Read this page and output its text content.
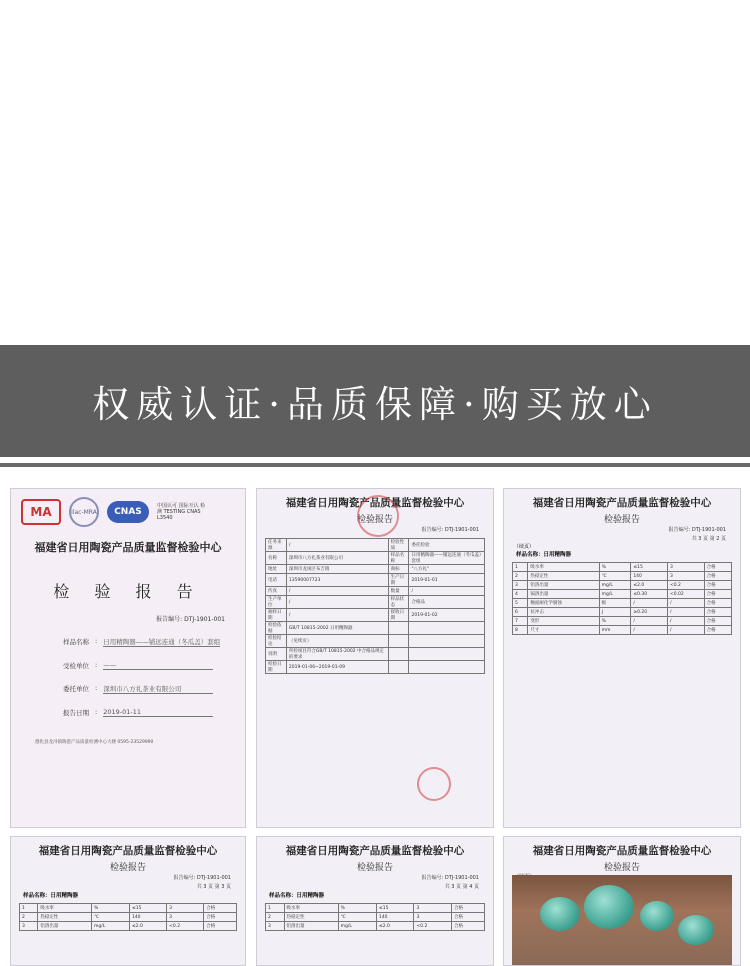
权威认证·品质保障·购买放心
MA	ilac-MRA	CNAS
中国认可 国际互认 检测 TESTING CNAS L3540
福建省日用陶瓷产品质量监督检验中心
检 验 报 告
报告编号: DTJ-1901-001
样品名称 : 日用精陶器——铺远连通（冬瓜盖）套组
受检单位 : ——
委托单位 : 深圳市八方礼茶业有限公司
报告日期 : 2019-01-11
德化县龙浔镇陶瓷产品质量检测中心大楼 0595-23529990
福建省日用陶瓷产品质量监督检验中心
检验报告
报告编号: DTJ-1901-001
任务来源	/	检验性质	委托检验
名称	深圳市八方礼茶业有限公司	样品名称	日用精陶器——铺远连通（冬瓜盖）套组
地址	深圳市龙岗区布吉镇	商标	"八方礼"
电话	13590007723	生产日期	2019-01-01
传真	/	数量	/
生产单位	/	样品状态	合格品
抽样日期	/	接收日期	2019-01-02
检验依据	GB/T 10815-2002 日用精陶器		
检验结论	（见续页）		
说明	所检项目符合GB/T 10815-2002 中合格品规定的要求		
检验日期	2019-01-06~2019-01-09		
福建省日用陶瓷产品质量监督检验中心
检验报告
报告编号: DTJ-1901-001
共 3 页 第 2 页
（续页）
样品名称：日用精陶器
1	吸水率	%	≤15	3	合格
2	热稳定性	℃	140	3	合格
3	铅溶出量	mg/L	≤2.0	<0.2	合格
4	镉溶出量	mg/L	≤0.30	<0.02	合格
5	釉面耐化学腐蚀	级	/	/	合格
6	抗冲击	J	≥0.20	/	合格
7	变形	%	/	/	合格
8	尺寸	mm	/	/	合格
福建省日用陶瓷产品质量监督检验中心
检验报告
报告编号: DTJ-1901-001
共 3 页 第 3 页
样品名称：日用精陶器
1	吸水率	%	≤15	3	合格
2	热稳定性	℃	140	3	合格
3	铅溶出量	mg/L	≤2.0	<0.2	合格
福建省日用陶瓷产品质量监督检验中心
检验报告
报告编号: DTJ-1901-001
共 3 页 第 4 页
样品名称：日用精陶器
1	吸水率	%	≤15	3	合格
2	热稳定性	℃	140	3	合格
3	铅溶出量	mg/L	≤2.0	<0.2	合格
福建省日用陶瓷产品质量监督检验中心
检验报告
